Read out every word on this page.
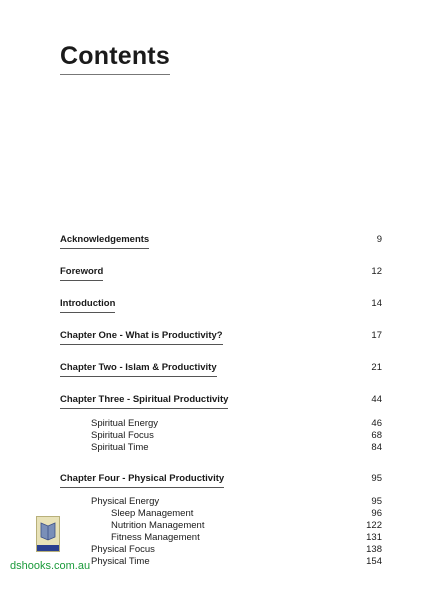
Contents
Acknowledgements	9
Foreword	12
Introduction	14
Chapter One - What is Productivity?	17
Chapter Two - Islam & Productivity	21
Chapter Three - Spiritual Productivity	44
Spiritual Energy	46
Spiritual Focus	68
Spiritual Time	84
Chapter Four - Physical Productivity	95
Physical Energy	95
Sleep Management	96
Nutrition Management	122
Fitness Management	131
Physical Focus	138
Physical Time	154
dshooks.com.au
